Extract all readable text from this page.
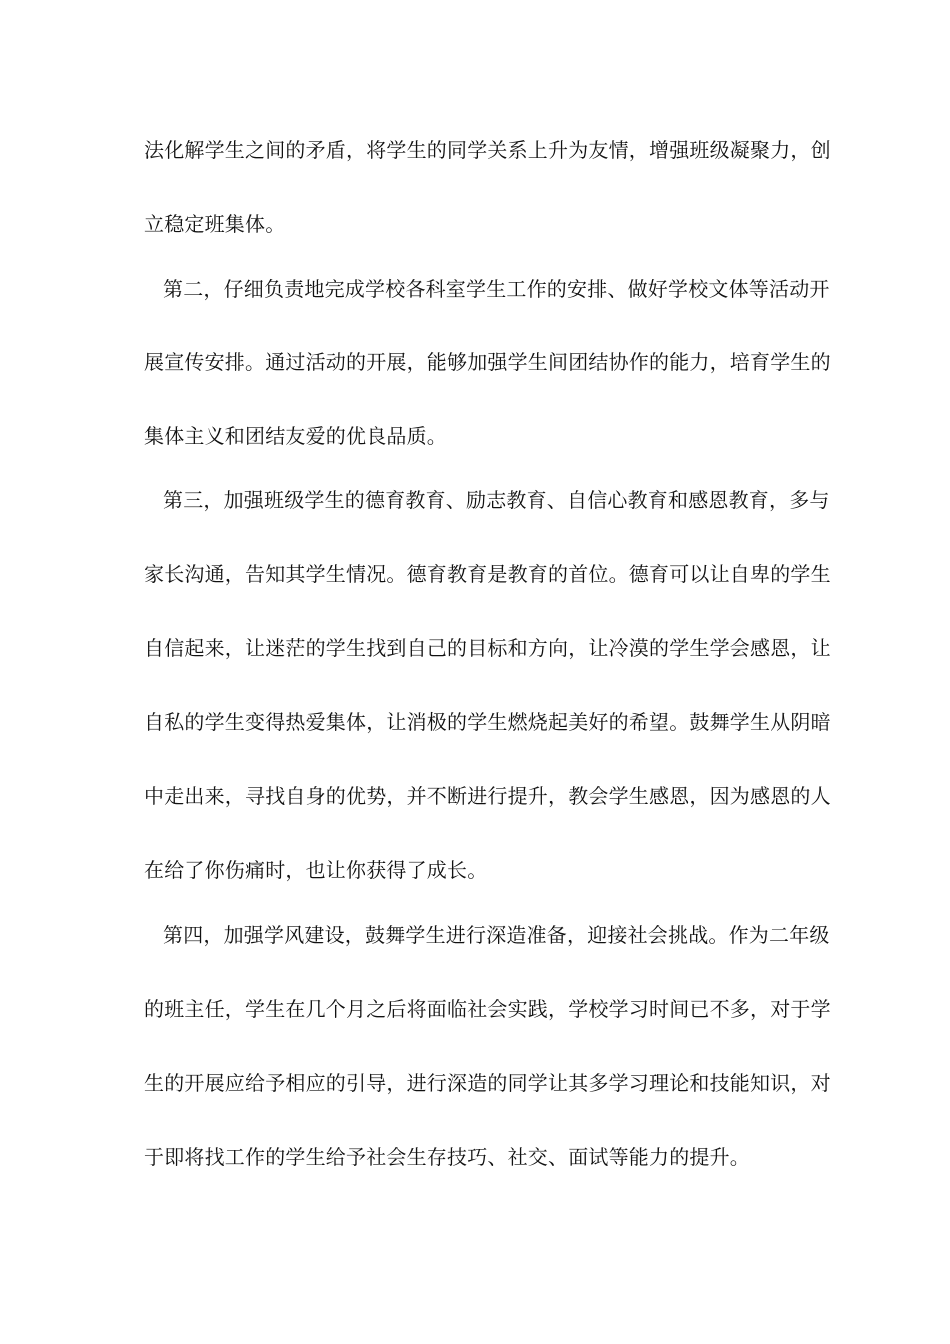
法化解学生之间的矛盾，将学生的同学关系上升为友情，增强班级凝聚力，创
立稳定班集体。
第二，仔细负责地完成学校各科室学生工作的安排、做好学校文体等活动开
展宣传安排。通过活动的开展，能够加强学生间团结协作的能力，培育学生的
集体主义和团结友爱的优良品质。
第三，加强班级学生的德育教育、励志教育、自信心教育和感恩教育，多与
家长沟通，告知其学生情况。德育教育是教育的首位。德育可以让自卑的学生
自信起来，让迷茫的学生找到自己的目标和方向，让冷漠的学生学会感恩，让
自私的学生变得热爱集体，让消极的学生燃烧起美好的希望。鼓舞学生从阴暗
中走出来，寻找自身的优势，并不断进行提升，教会学生感恩，因为感恩的人
在给了你伤痛时，也让你获得了成长。
第四，加强学风建设，鼓舞学生进行深造准备，迎接社会挑战。作为二年级
的班主任，学生在几个月之后将面临社会实践，学校学习时间已不多，对于学
生的开展应给予相应的引导，进行深造的同学让其多学习理论和技能知识，对
于即将找工作的学生给予社会生存技巧、社交、面试等能力的提升。
